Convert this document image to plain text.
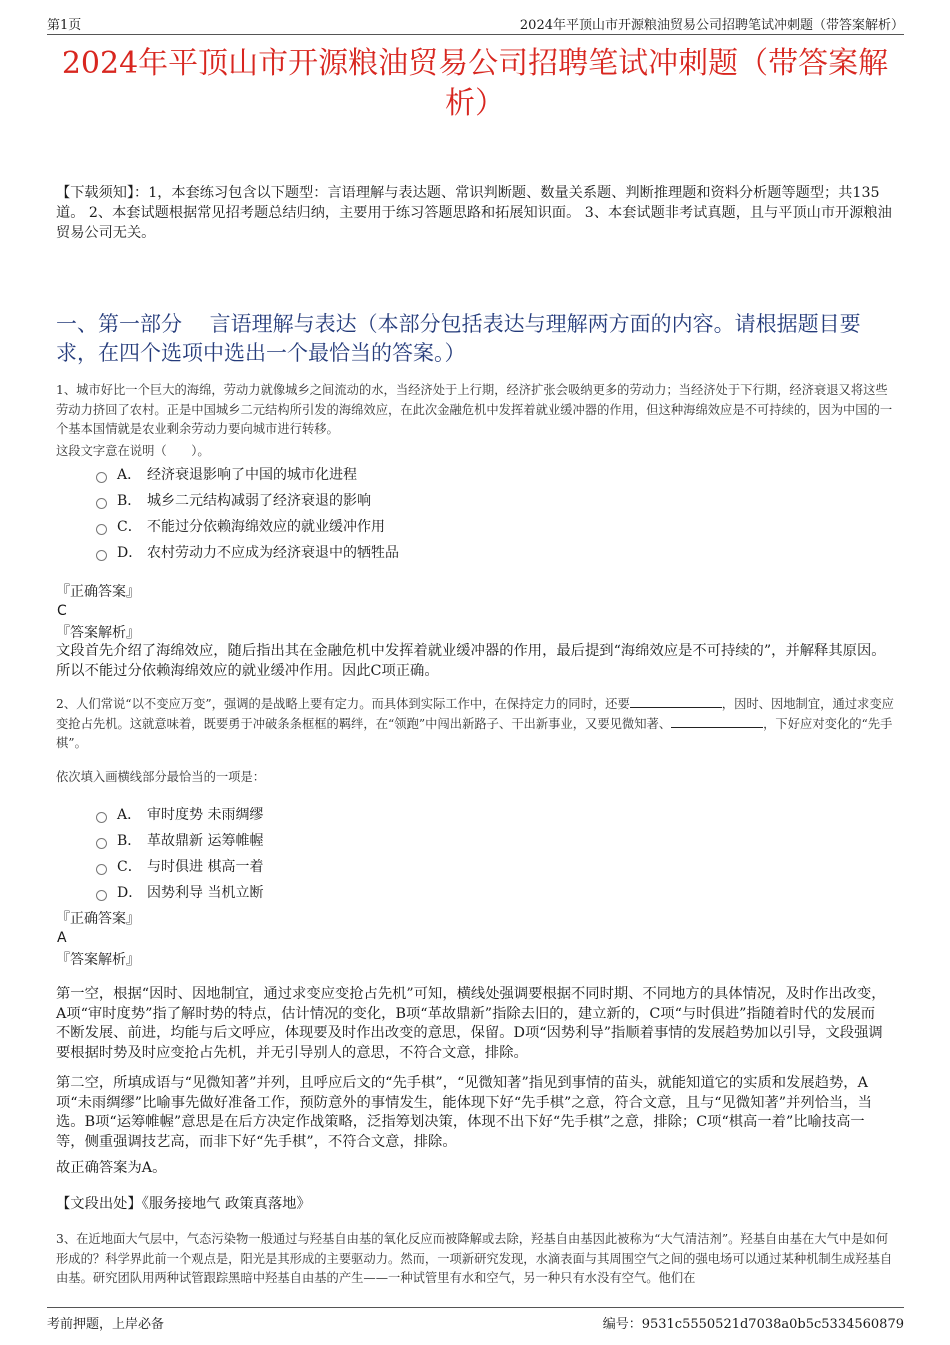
第1页	2024年平顶山市开源粮油贸易公司招聘笔试冲刺题（带答案解析）
2024年平顶山市开源粮油贸易公司招聘笔试冲刺题（带答案解析）
【下载须知】：1，本套练习包含以下题型：言语理解与表达题、常识判断题、数量关系题、判断推理题和资料分析题等题型；共135道。 2、本套试题根据常见招考题总结归纳，主要用于练习答题思路和拓展知识面。 3、本套试题非考试真题，且与平顶山市开源粮油贸易公司无关。
一、第一部分　 言语理解与表达（本部分包括表达与理解两方面的内容。请根据题目要求，在四个选项中选出一个最恰当的答案。）
1、城市好比一个巨大的海绵，劳动力就像城乡之间流动的水，当经济处于上行期，经济扩张会吸纳更多的劳动力；当经济处于下行期，经济衰退又将这些劳动力挤回了农村。正是中国城乡二元结构所引发的海绵效应，在此次金融危机中发挥着就业缓冲器的作用，但这种海绵效应是不可持续的，因为中国的一个基本国情就是农业剩余劳动力要向城市进行转移。
这段文字意在说明（　　）。
A． 经济衰退影响了中国的城市化进程
B． 城乡二元结构减弱了经济衰退的影响
C． 不能过分依赖海绵效应的就业缓冲作用
D． 农村劳动力不应成为经济衰退中的牺牲品
『正确答案』
C
『答案解析』
文段首先介绍了海绵效应，随后指出其在金融危机中发挥着就业缓冲器的作用，最后提到“海绵效应是不可持续的”，并解释其原因。所以不能过分依赖海绵效应的就业缓冲作用。因此C项正确。
2、人们常说“以不变应万变”，强调的是战略上要有定力。而具体到实际工作中，在保持定力的同时，还要	，因时、因地制宜，通过求变应变抢占先机。这就意味着，既要勇于冲破条条框框的羁绊，在“领跑”中闯出新路子、干出新事业，又要见微知著、	，下好应对变化的“先手棋”。
依次填入画横线部分最恰当的一项是：
A． 审时度势 未雨绸缪
B． 革故鼎新 运筹帷幄
C． 与时俱进 棋高一着
D． 因势利导 当机立断
『正确答案』
A
『答案解析』
第一空，根据“因时、因地制宜，通过求变应变抢占先机”可知，横线处强调要根据不同时期、不同地方的具体情况，及时作出改变，A项“审时度势”指了解时势的特点，估计情况的变化，B项“革故鼎新”指除去旧的，建立新的，C项“与时俱进”指随着时代的发展而不断发展、前进，均能与后文呼应，体现要及时作出改变的意思，保留。D项“因势利导”指顺着事情的发展趋势加以引导，文段强调要根据时势及时应变抢占先机，并无引导别人的意思，不符合文意，排除。
第二空，所填成语与“见微知著”并列，且呼应后文的“先手棋”，“见微知著”指见到事情的苗头，就能知道它的实质和发展趋势，A项“未雨绸缪”比喻事先做好准备工作，预防意外的事情发生，能体现下好“先手棋”之意，符合文意，且与“见微知著”并列恰当，当选。B项“运筹帷幄”意思是在后方决定作战策略，泛指筹划决策，体现不出下好“先手棋”之意，排除；C项“棋高一着”比喻技高一等，侧重强调技艺高，而非下好“先手棋”，不符合文意，排除。
故正确答案为A。
【文段出处】《服务接地气 政策真落地》
3、在近地面大气层中，气态污染物一般通过与羟基自由基的氧化反应而被降解或去除，羟基自由基因此被称为“大气清洁剂”。羟基自由基在大气中是如何形成的？科学界此前一个观点是，阳光是其形成的主要驱动力。然而，一项新研究发现，水滴表面与其周围空气之间的强电场可以通过某种机制生成羟基自由基。研究团队用两种试管跟踪黑暗中羟基自由基的产生——一种试管里有水和空气，另一种只有水没有空气。他们在
考前押题，上岸必备	编号：9531c5550521d7038a0b5c5334560879
